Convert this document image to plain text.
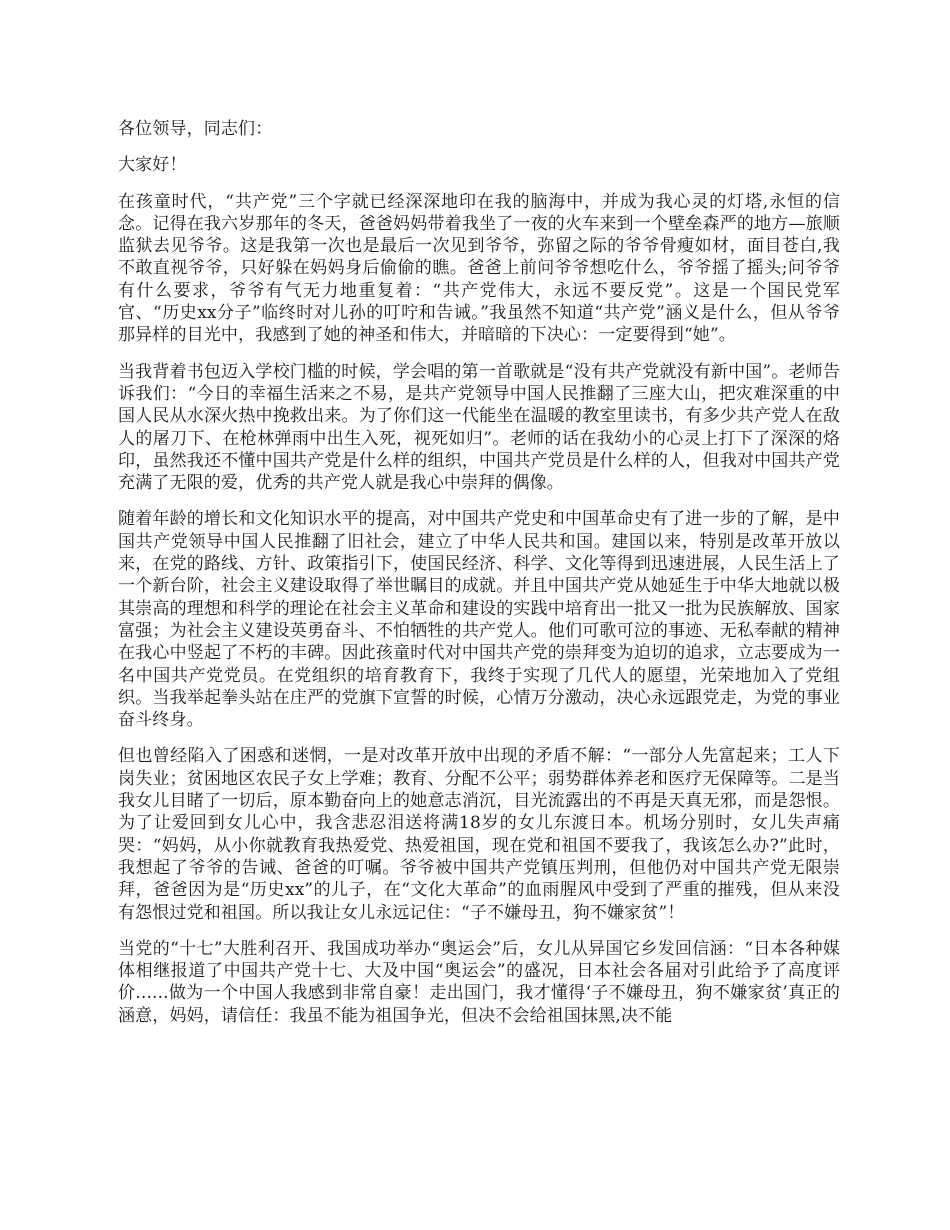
各位领导，同志们：

大家好！

在孩童时代，“共产党”三个字就已经深深地印在我的脑海中，并成为我心灵的灯塔,永恒的信念。记得在我六岁那年的冬天，爸爸妈妈带着我坐了一夜的火车来到一个壁垒森严的地方—旅顺监狱去见爷爷。这是我第一次也是最后一次见到爷爷，弥留之际的爷爷骨瘦如材，面目苍白,我不敢直视爷爷，只好躲在妈妈身后偷偷的瞧。爸爸上前问爷爷想吃什么，爷爷摇了摇头;问爷爷有什么要求，爷爷有气无力地重复着：“共产党伟大，永远不要反党”。这是一个国民党军官、“历史xx分子”临终时对儿孙的叮咛和告诫。”我虽然不知道“共产党”涵义是什么，但从爷爷那异样的目光中，我感到了她的神圣和伟大，并暗暗的下决心：一定要得到“她”。

当我背着书包迈入学校门槛的时候，学会唱的第一首歌就是“没有共产党就没有新中国”。老师告诉我们：“今日的幸福生活来之不易，是共产党领导中国人民推翻了三座大山，把灾难深重的中国人民从水深火热中挽救出来。为了你们这一代能坐在温暖的教室里读书，有多少共产党人在敌人的屠刀下、在枪林弹雨中出生入死，视死如归”。老师的话在我幼小的心灵上打下了深深的烙印，虽然我还不懂中国共产党是什么样的组织，中国共产党员是什么样的人，但我对中国共产党充满了无限的爱，优秀的共产党人就是我心中崇拜的偶像。

随着年龄的增长和文化知识水平的提高，对中国共产党史和中国革命史有了进一步的了解，是中国共产党领导中国人民推翻了旧社会，建立了中华人民共和国。建国以来，特别是改革开放以来，在党的路线、方针、政策指引下，使国民经济、科学、文化等得到迅速进展，人民生活上了一个新台阶，社会主义建设取得了举世瞩目的成就。并且中国共产党从她延生于中华大地就以极其崇高的理想和科学的理论在社会主义革命和建设的实践中培育出一批又一批为民族解放、国家富强；为社会主义建设英勇奋斗、不怕牺牲的共产党人。他们可歌可泣的事迹、无私奉献的精神在我心中竖起了不朽的丰碑。因此孩童时代对中国共产党的崇拜变为迫切的追求，立志要成为一名中国共产党党员。在党组织的培育教育下，我终于实现了几代人的愿望，光荣地加入了党组织。当我举起拳头站在庄严的党旗下宣誓的时候，心情万分激动，决心永远跟党走，为党的事业奋斗终身。

但也曾经陷入了困惑和迷惘，一是对改革开放中出现的矛盾不解：“一部分人先富起来；工人下岗失业；贫困地区农民子女上学难；教育、分配不公平；弱势群体养老和医疗无保障等。二是当我女儿目睹了一切后，原本勤奋向上的她意志消沉，目光流露出的不再是天真无邪，而是怨恨。为了让爱回到女儿心中，我含悲忍泪送将满18岁的女儿东渡日本。机场分别时，女儿失声痛哭：“妈妈，从小你就教育我热爱党、热爱祖国，现在党和祖国不要我了，我该怎么办?”此时，我想起了爷爷的告诫、爸爸的叮嘱。爷爷被中国共产党镇压判刑，但他仍对中国共产党无限崇拜，爸爸因为是“历史xx”的儿子，在“文化大革命”的血雨腥风中受到了严重的摧残，但从来没有怨恨过党和祖国。所以我让女儿永远记住：“子不嫌母丑，狗不嫌家贫”！

当党的“十七”大胜利召开、我国成功举办“奥运会”后，女儿从异国它乡发回信涵：“日本各种媒体相继报道了中国共产党十七、大及中国“奥运会”的盛况，日本社会各届对引此给予了高度评价......做为一个中国人我感到非常自豪！走出国门，我才懂得‘子不嫌母丑，狗不嫌家贫’真正的涵意，妈妈，请信任：我虽不能为祖国争光，但决不会给祖国抹黑,决不能
